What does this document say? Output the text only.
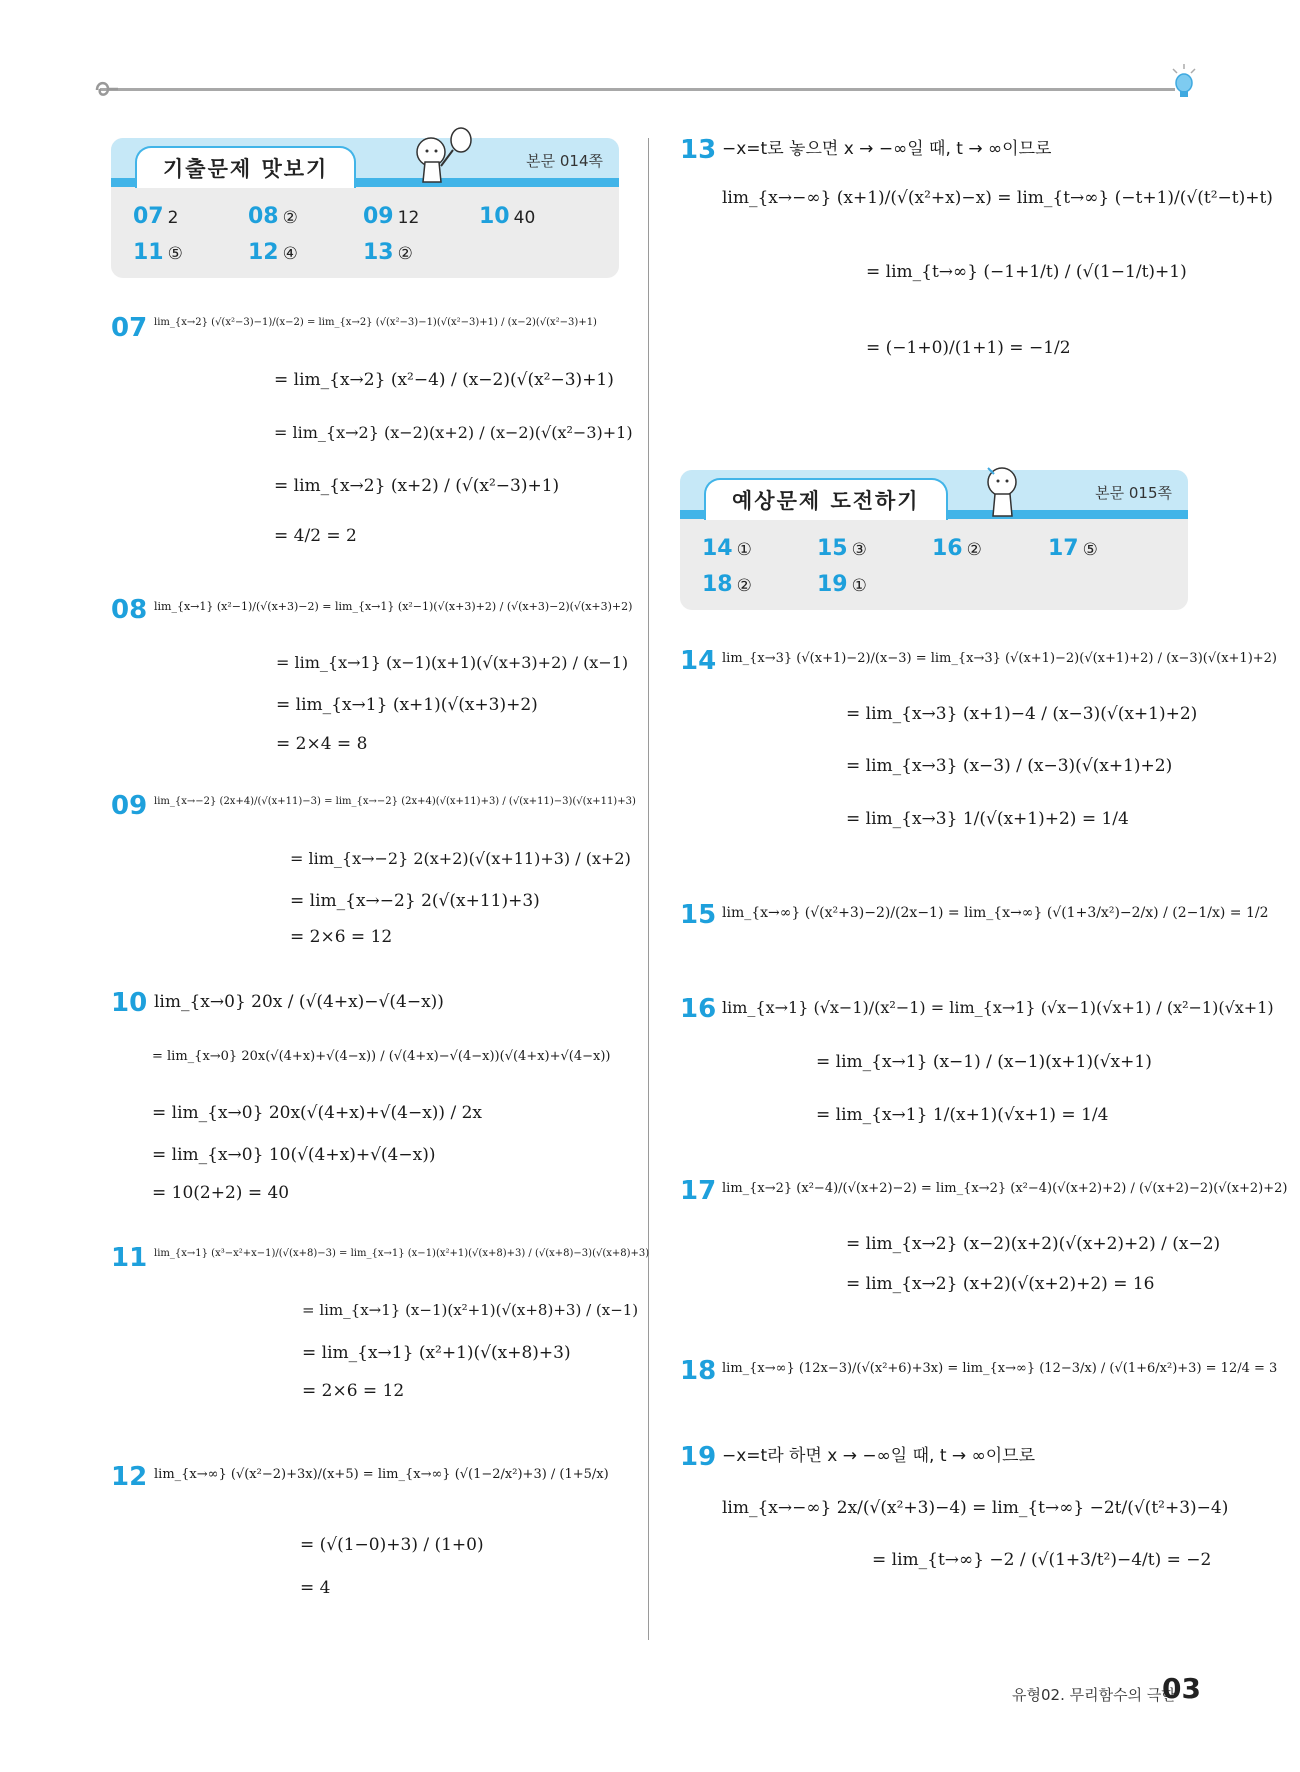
기출문제 맛보기	본문 014쪽
07 2	08 ②	09 12	10 40
11 ⑤	12 ④	13 ②
예상문제 도전하기	본문 015쪽
14 ①	15 ③	16 ②	17 ⑤
18 ②	19 ①
07 lim_{x→2} (√(x²−3)−1)/(x−2) = lim_{x→2} (√(x²−3)−1)(√(x²−3)+1) / (x−2)(√(x²−3)+1)
= lim_{x→2} (x²−4) / (x−2)(√(x²−3)+1)
= lim_{x→2} (x−2)(x+2) / (x−2)(√(x²−3)+1)
= lim_{x→2} (x+2) / (√(x²−3)+1)
= 4/2 = 2
08 lim_{x→1} (x²−1)/(√(x+3)−2) = lim_{x→1} (x²−1)(√(x+3)+2) / (√(x+3)−2)(√(x+3)+2)
= lim_{x→1} (x−1)(x+1)(√(x+3)+2) / (x−1)
= lim_{x→1} (x+1)(√(x+3)+2)
= 2×4 = 8
09 lim_{x→−2} (2x+4)/(√(x+11)−3) = lim_{x→−2} (2x+4)(√(x+11)+3) / (√(x+11)−3)(√(x+11)+3)
= lim_{x→−2} 2(x+2)(√(x+11)+3) / (x+2)
= lim_{x→−2} 2(√(x+11)+3)
= 2×6 = 12
10 lim_{x→0} 20x / (√(4+x)−√(4−x))
= lim_{x→0} 20x(√(4+x)+√(4−x)) / (√(4+x)−√(4−x))(√(4+x)+√(4−x))
= lim_{x→0} 20x(√(4+x)+√(4−x)) / 2x
= lim_{x→0} 10(√(4+x)+√(4−x))
= 10(2+2) = 40
11 lim_{x→1} (x³−x²+x−1)/(√(x+8)−3) = lim_{x→1} (x−1)(x²+1)(√(x+8)+3) / (√(x+8)−3)(√(x+8)+3)
= lim_{x→1} (x−1)(x²+1)(√(x+8)+3) / (x−1)
= lim_{x→1} (x²+1)(√(x+8)+3)
= 2×6 = 12
12 lim_{x→∞} (√(x²−2)+3x)/(x+5) = lim_{x→∞} (√(1−2/x²)+3) / (1+5/x)
= (√(1−0)+3) / (1+0)
= 4
13 −x=t로 놓으면 x → −∞일 때, t → ∞이므로
lim_{x→−∞} (x+1)/(√(x²+x)−x) = lim_{t→∞} (−t+1)/(√(t²−t)+t)
= lim_{t→∞} (−1+1/t) / (√(1−1/t)+1)
= (−1+0)/(1+1) = −1/2
14 lim_{x→3} (√(x+1)−2)/(x−3) = lim_{x→3} (√(x+1)−2)(√(x+1)+2) / (x−3)(√(x+1)+2)
= lim_{x→3} (x+1)−4 / (x−3)(√(x+1)+2)
= lim_{x→3} (x−3) / (x−3)(√(x+1)+2)
= lim_{x→3} 1/(√(x+1)+2) = 1/4
15 lim_{x→∞} (√(x²+3)−2)/(2x−1) = lim_{x→∞} (√(1+3/x²)−2/x) / (2−1/x) = 1/2
16 lim_{x→1} (√x−1)/(x²−1) = lim_{x→1} (√x−1)(√x+1) / (x²−1)(√x+1)
= lim_{x→1} (x−1) / (x−1)(x+1)(√x+1)
= lim_{x→1} 1/(x+1)(√x+1) = 1/4
17 lim_{x→2} (x²−4)/(√(x+2)−2) = lim_{x→2} (x²−4)(√(x+2)+2) / (√(x+2)−2)(√(x+2)+2)
= lim_{x→2} (x−2)(x+2)(√(x+2)+2) / (x−2)
= lim_{x→2} (x+2)(√(x+2)+2) = 16
18 lim_{x→∞} (12x−3)/(√(x²+6)+3x) = lim_{x→∞} (12−3/x) / (√(1+6/x²)+3) = 12/4 = 3
19 −x=t라 하면 x → −∞일 때, t → ∞이므로
lim_{x→−∞} 2x/(√(x²+3)−4) = lim_{t→∞} −2t/(√(t²+3)−4)
= lim_{t→∞} −2 / (√(1+3/t²)−4/t) = −2
유형02. 무리함수의 극한
03
